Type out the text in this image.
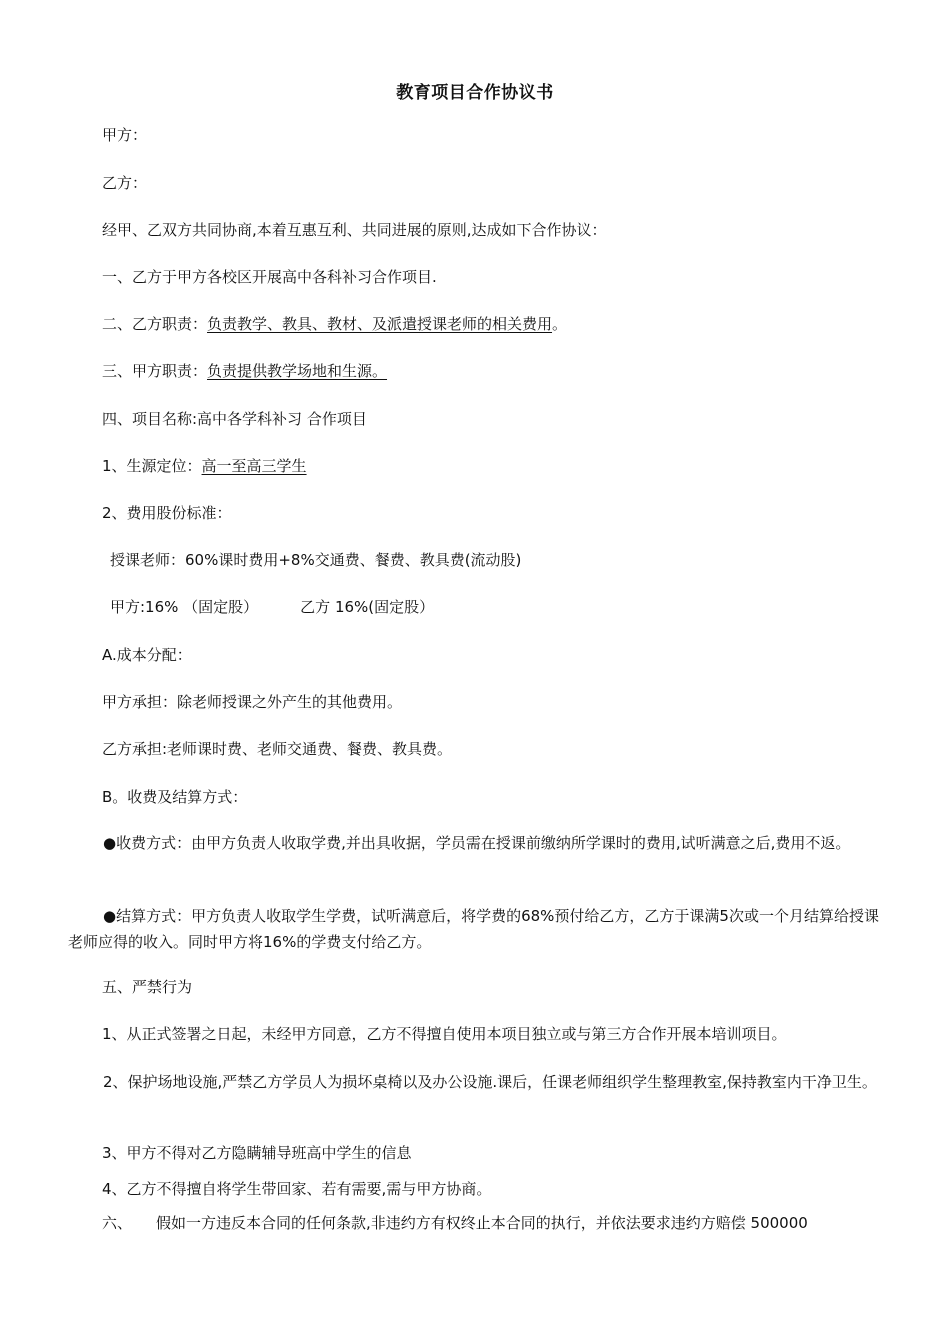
教育项目合作协议书
甲方：
乙方：
经甲、乙双方共同协商,本着互惠互利、共同进展的原则,达成如下合作协议：
一、乙方于甲方各校区开展高中各科补习合作项目.
二、乙方职责：负责教学、教具、教材、及派遣授课老师的相关费用。
三、甲方职责：负责提供教学场地和生源。
四、项目名称:高中各学科补习 合作项目
1、生源定位：高一至高三学生
2、费用股份标准：
授课老师：60%课时费用+8%交通费、餐费、教具费(流动股)
甲方:16% （固定股）	乙方 16%(固定股）
A.成本分配：
甲方承担：除老师授课之外产生的其他费用。
乙方承担:老师课时费、老师交通费、餐费、教具费。
B。收费及结算方式：
●收费方式：由甲方负责人收取学费,并出具收据，学员需在授课前缴纳所学课时的费用,试听满意之后,费用不返。
●结算方式：甲方负责人收取学生学费，试听满意后，将学费的68%预付给乙方，乙方于课满5次或一个月结算给授课老师应得的收入。同时甲方将16%的学费支付给乙方。
五、严禁行为
1、从正式签署之日起，未经甲方同意，乙方不得擅自使用本项目独立或与第三方合作开展本培训项目。
2、保护场地设施,严禁乙方学员人为损坏桌椅以及办公设施.课后，任课老师组织学生整理教室,保持教室内干净卫生。
3、甲方不得对乙方隐瞒辅导班高中学生的信息
4、乙方不得擅自将学生带回家、若有需要,需与甲方协商。
六、 假如一方违反本合同的任何条款,非违约方有权终止本合同的执行，并依法要求违约方赔偿 500000
